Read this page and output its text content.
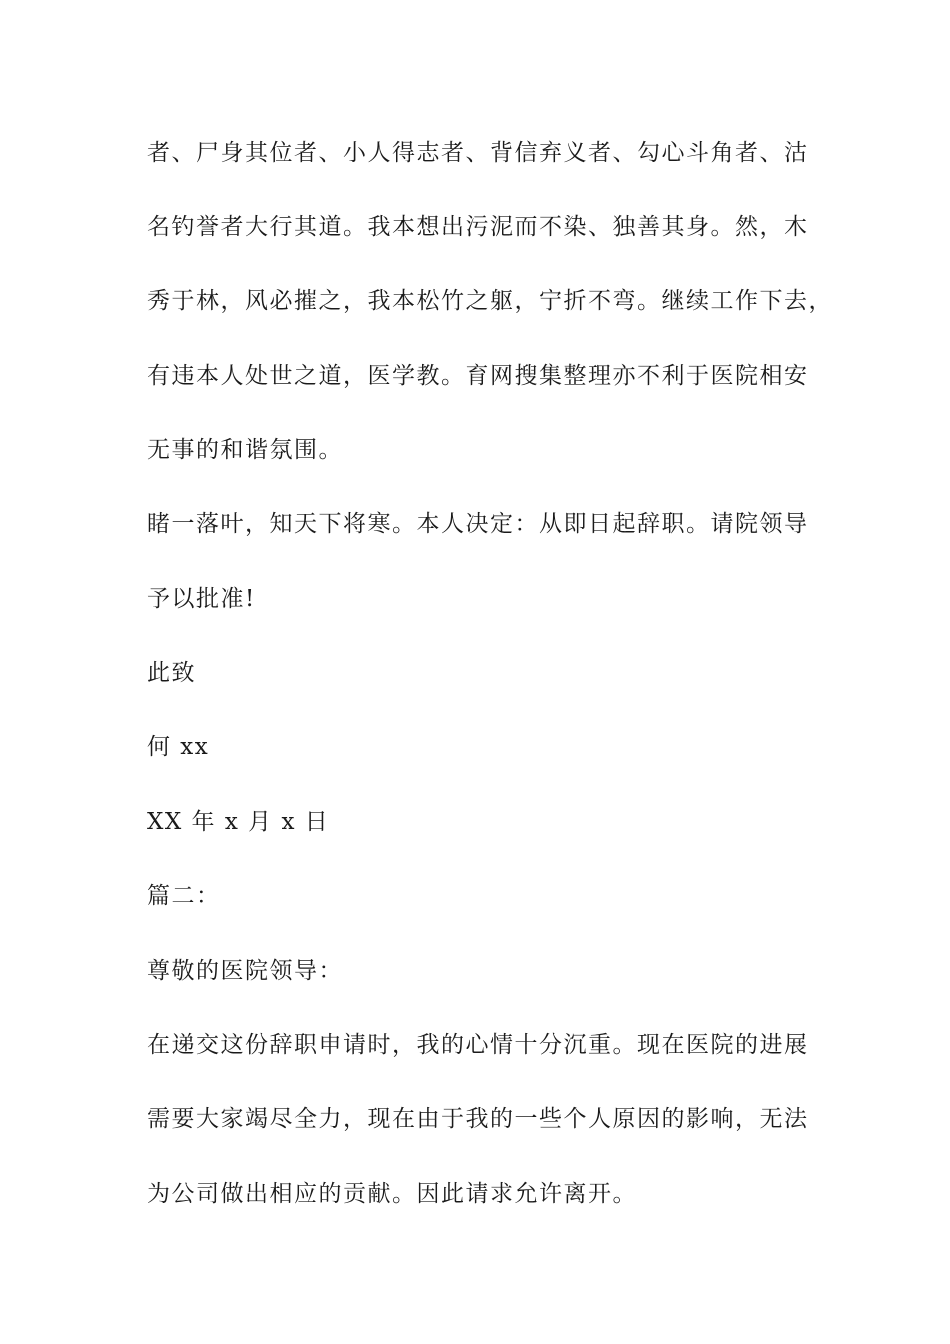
者、尸身其位者、小人得志者、背信弃义者、勾心斗角者、沽
名钓誉者大行其道。我本想出污泥而不染、独善其身。然，木
秀于林，风必摧之，我本松竹之躯，宁折不弯。继续工作下去，
有违本人处世之道，医学教。育网搜集整理亦不利于医院相安
无事的和谐氛围。
睹一落叶，知天下将寒。本人决定：从即日起辞职。请院领导
予以批准!
此致
何 xx
XX 年 x 月 x 日
篇二：
尊敬的医院领导：
在递交这份辞职申请时，我的心情十分沉重。现在医院的进展
需要大家竭尽全力，现在由于我的一些个人原因的影响，无法
为公司做出相应的贡献。因此请求允许离开。
